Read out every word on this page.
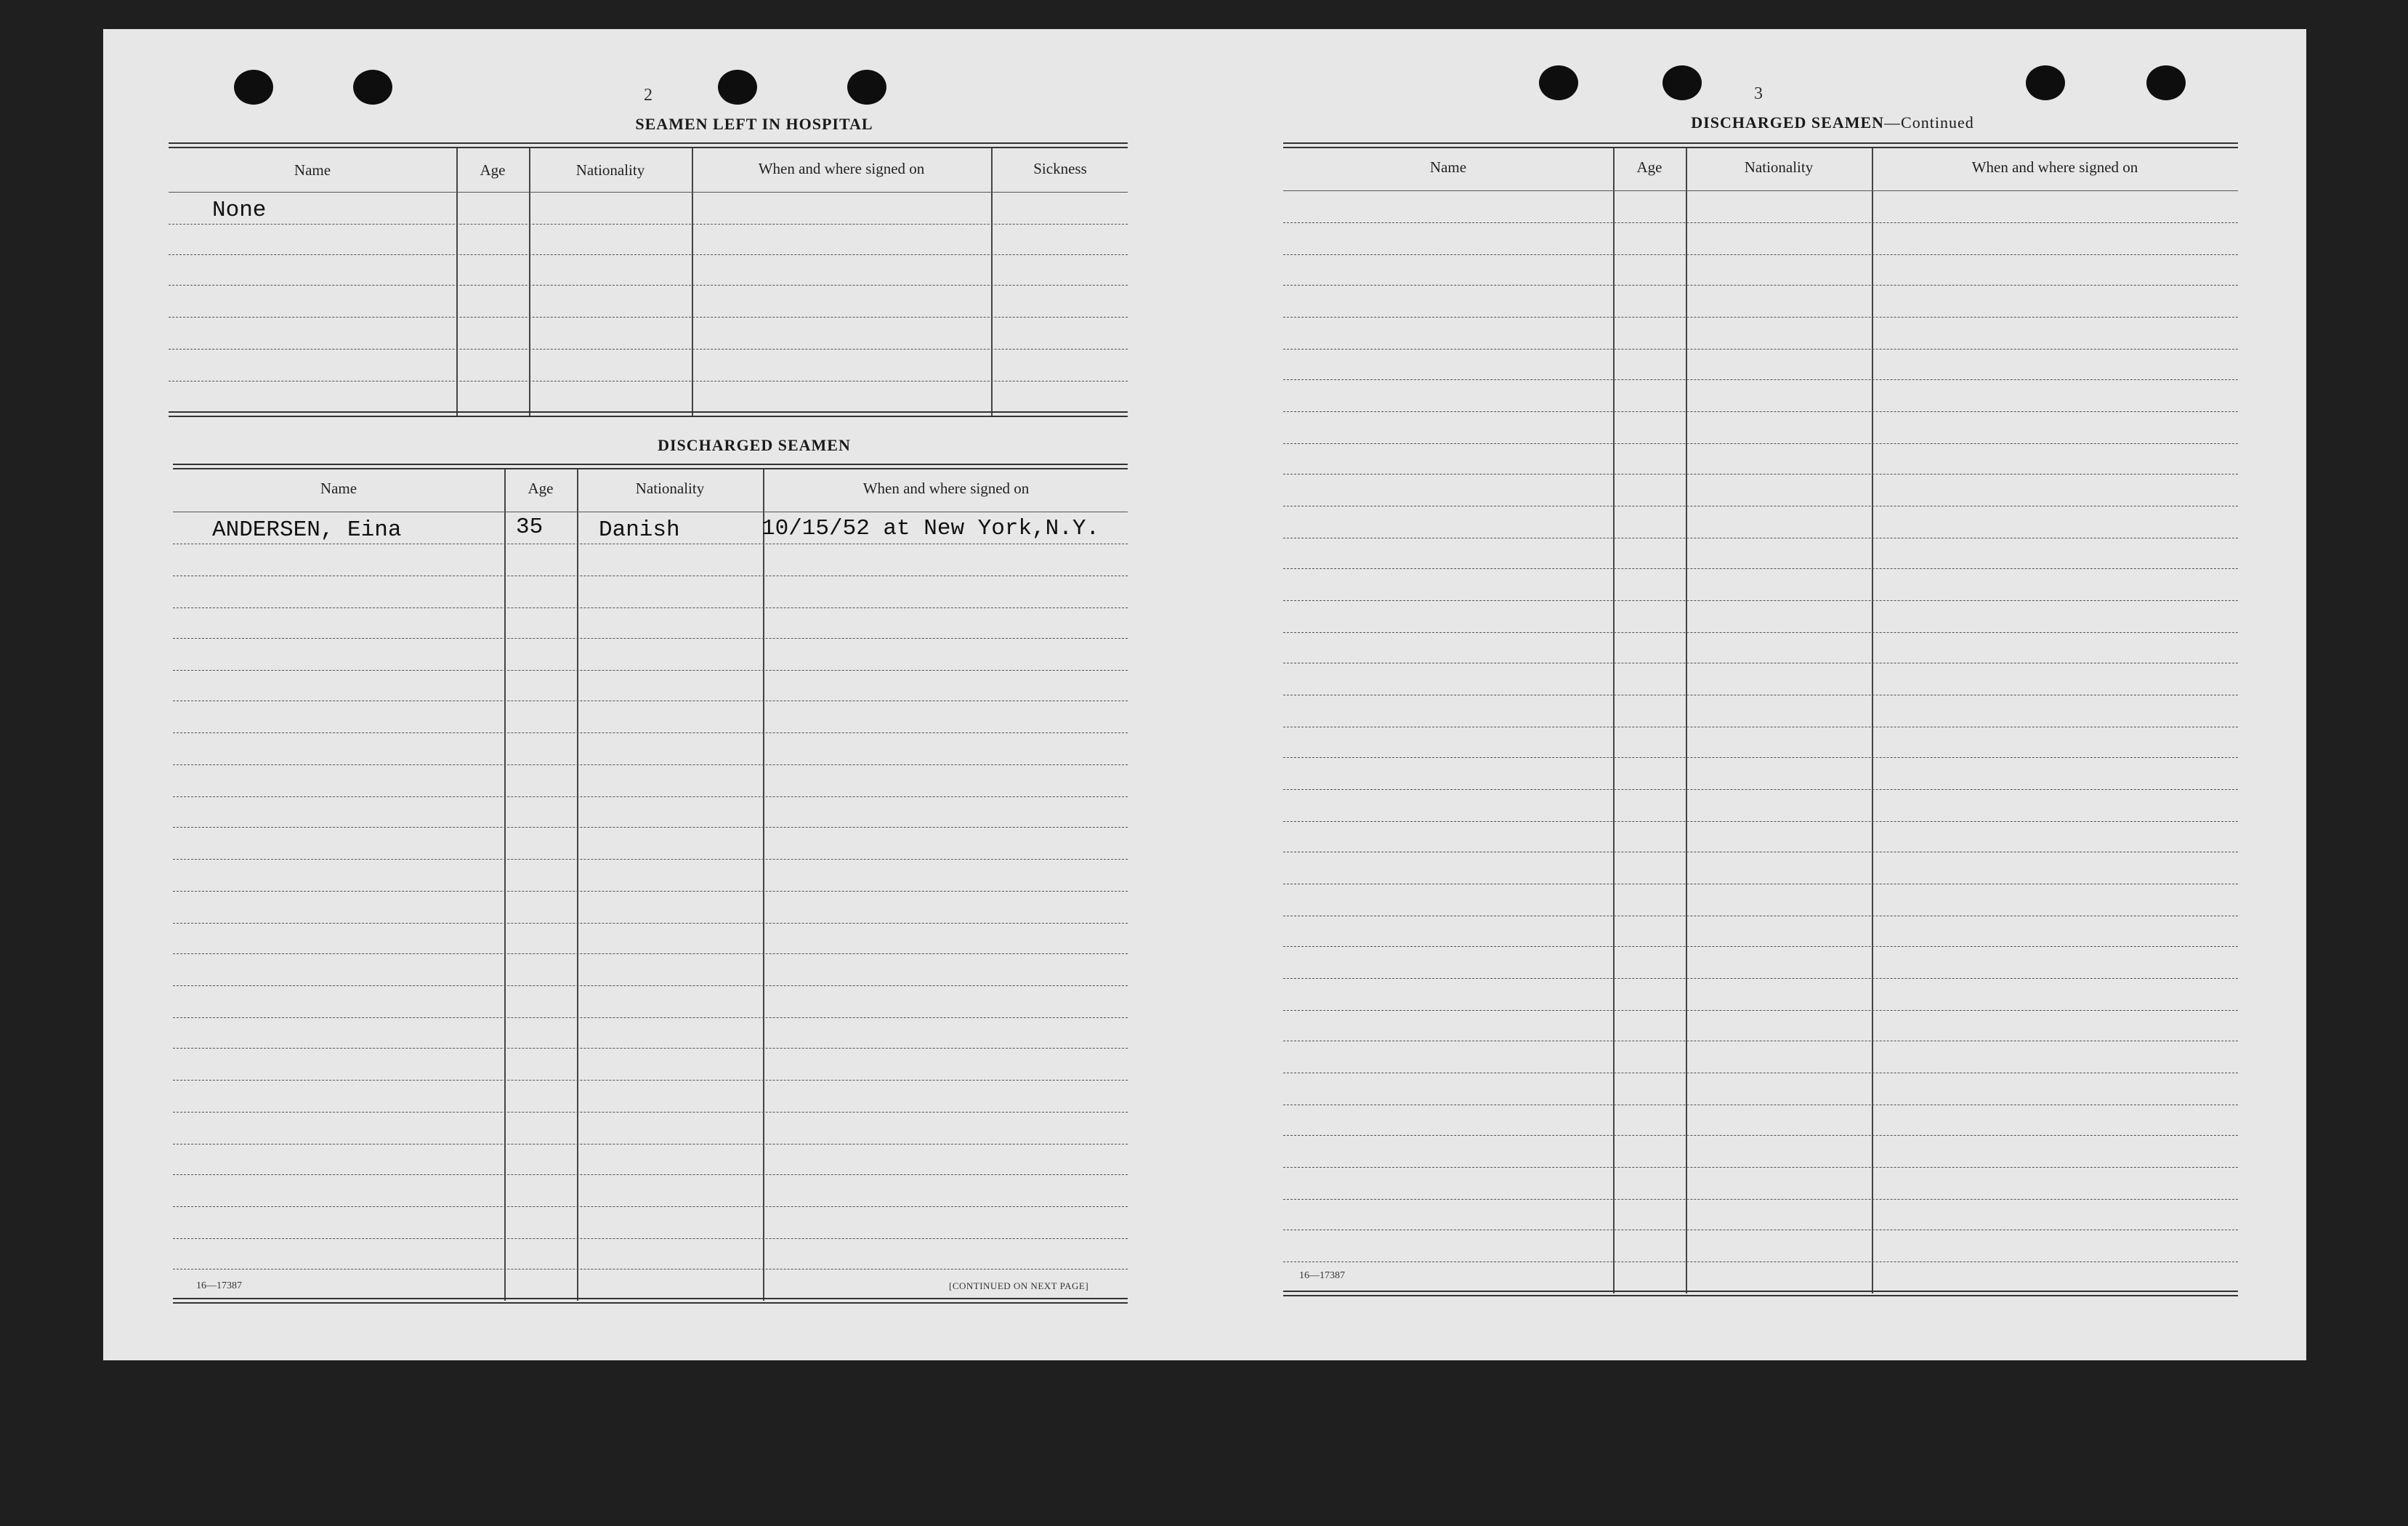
2
SEAMEN LEFT IN HOSPITAL
Name	Age	Nationality	When and where signed on	Sickness
None
DISCHARGED SEAMEN
Name	Age	Nationality	When and where signed on
ANDERSEN, Eina	35 Danish	10/15/52 at New York,N.Y.
16—17387	[CONTINUED ON NEXT PAGE]
3
DISCHARGED SEAMEN—Continued
Name	Age	Nationality	When and where signed on
16—17387
